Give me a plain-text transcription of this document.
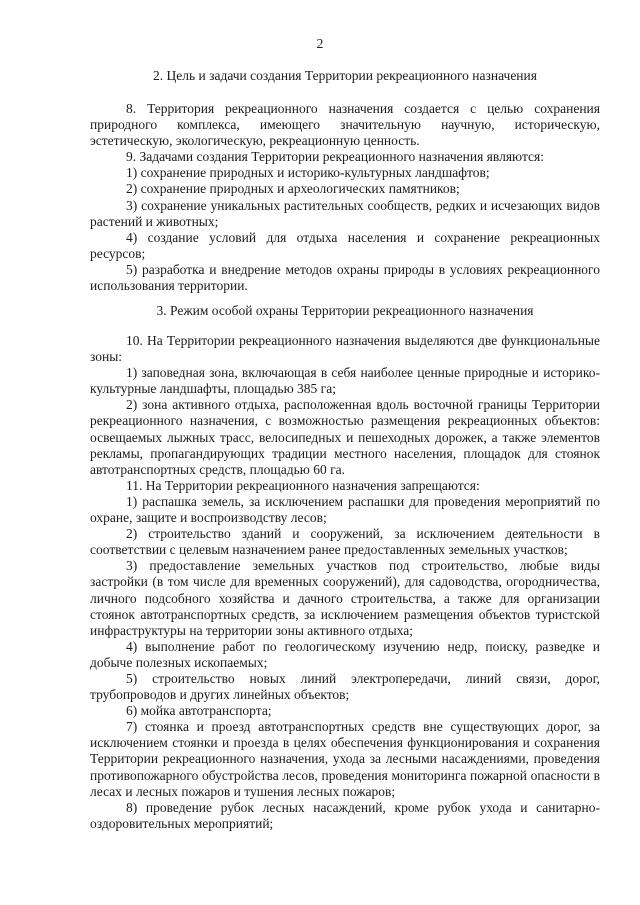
2
2. Цель и задачи создания Территории рекреационного назначения

8. Территория рекреационного назначения создается с целью сохранения природного комплекса, имеющего значительную научную, историческую, эстетическую, экологическую, рекреационную ценность.

9. Задачами создания Территории рекреационного назначения являются:

1) сохранение природных и историко-культурных ландшафтов;

2) сохранение природных и археологических памятников;

3) сохранение уникальных растительных сообществ, редких и исчезающих видов растений и животных;

4) создание условий для отдыха населения и сохранение рекреационных ресурсов;

5) разработка и внедрение методов охраны природы в условиях рекреационного использования территории.

3. Режим особой охраны Территории рекреационного назначения

10. На Территории рекреационного назначения выделяются две функциональные зоны:

1) заповедная зона, включающая в себя наиболее ценные природные и историко-культурные ландшафты, площадью 385 га;

2) зона активного отдыха, расположенная вдоль восточной границы Территории рекреационного назначения, с возможностью размещения рекреационных объектов: освещаемых лыжных трасс, велосипедных и пешеходных дорожек, а также элементов рекламы, пропагандирующих традиции местного населения, площадок для стоянок автотранспортных средств, площадью 60 га.

11. На Территории рекреационного назначения запрещаются:

1) распашка земель, за исключением распашки для проведения мероприятий по охране, защите и воспроизводству лесов;

2) строительство зданий и сооружений, за исключением деятельности в соответствии с целевым назначением ранее предоставленных земельных участков;

3) предоставление земельных участков под строительство, любые виды застройки (в том числе для временных сооружений), для садоводства, огородничества, личного подсобного хозяйства и дачного строительства, а также для организации стоянок автотранспортных средств, за исключением размещения объектов туристской инфраструктуры на территории зоны активного отдыха;

4) выполнение работ по геологическому изучению недр, поиску, разведке и добыче полезных ископаемых;

5) строительство новых линий электропередачи, линий связи, дорог, трубопроводов и других линейных объектов;

6) мойка автотранспорта;

7) стоянка и проезд автотранспортных средств вне существующих дорог, за исключением стоянки и проезда в целях обеспечения функционирования и сохранения Территории рекреационного назначения, ухода за лесными насаждениями, проведения противопожарного обустройства лесов, проведения мониторинга пожарной опасности в лесах и лесных пожаров и тушения лесных пожаров;

8) проведение рубок лесных насаждений, кроме рубок ухода и санитарно-оздоровительных мероприятий;
